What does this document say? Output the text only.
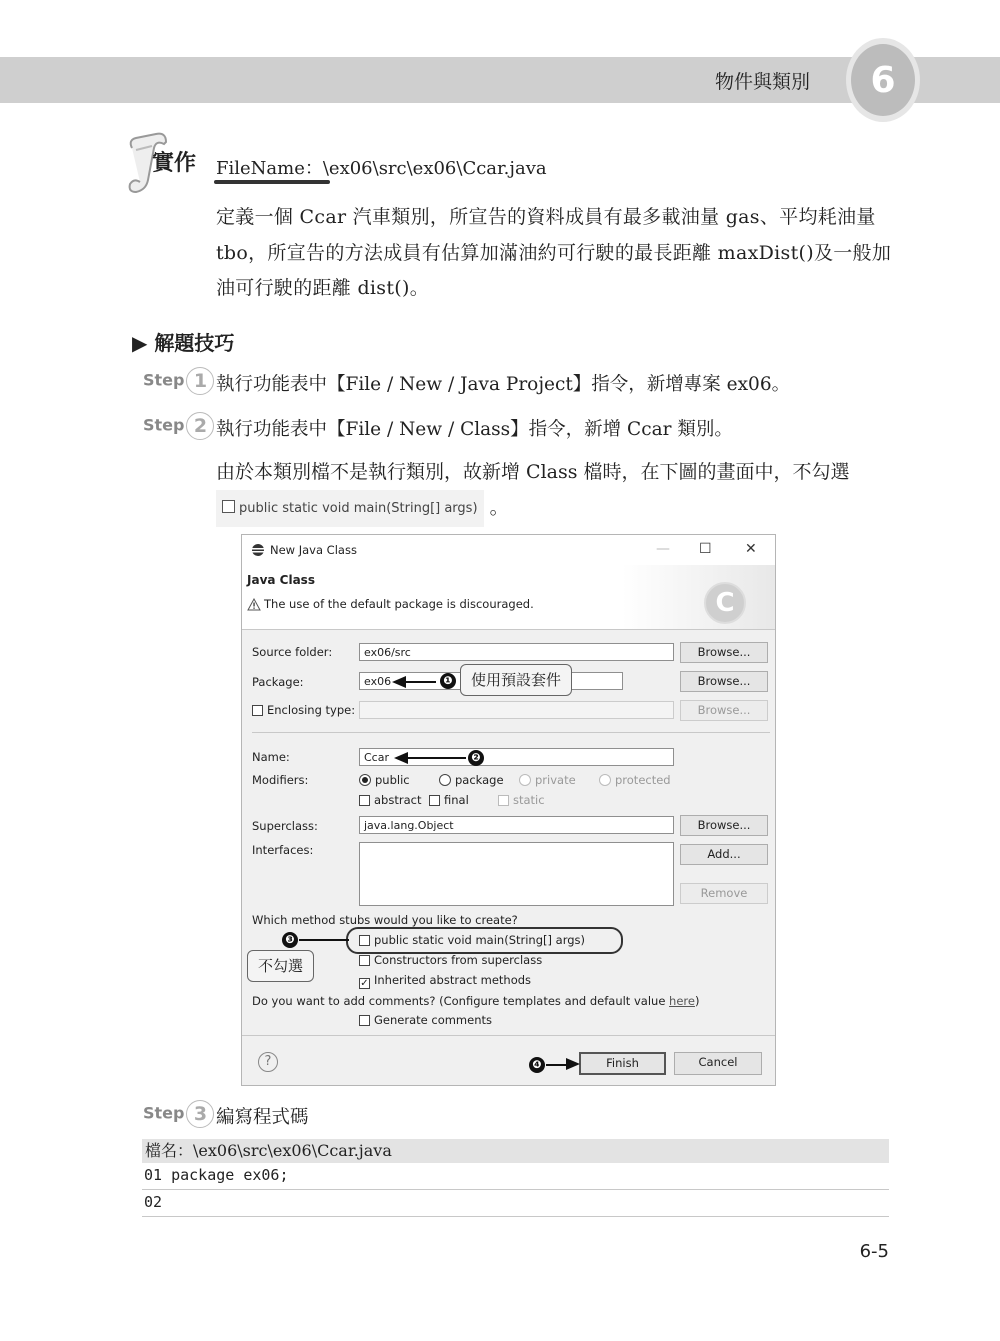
物件與類別	6
實作 FileName：\ex06\src\ex06\Ccar.java
定義一個 Ccar 汽車類別，所宣告的資料成員有最多載油量 gas、平均耗油量 tbo，所宣告的方法成員有估算加滿油約可行駛的最長距離 maxDist()及一般加油可行駛的距離 dist()。
▶ 解題技巧
Step 1 執行功能表中【File / New / Java Project】指令，新增專案 ex06。
Step 2 執行功能表中【File / New / Class】指令，新增 Ccar 類別。
由於本類別檔不是執行類別，故新增 Class 檔時，在下圖的畫面中，不勾選 public static void main(String[] args) 。
New Java Class	— ☐ ✕
C
Java Class
The use of the default package is discouraged.
Source folder:	ex06/src	Browse...
Package:	ex06	Browse...
Enclosing type:	Browse...
Name:	Ccar
Modifiers:	public	package	private	protected
abstract	final	static
Superclass:	java.lang.Object	Browse...
Interfaces:	Add...
Remove
Which method stubs would you like to create?
public static void main(String[] args)
Constructors from superclass
✓ Inherited abstract methods
Do you want to add comments? (Configure templates and default value here)
Generate comments
?	Finish	Cancel
❶	使用預設套件
❷
❸
不勾選
❹
Step 3 編寫程式碼
檔名：\ex06\src\ex06\Ccar.java
01 package ex06;
02
6-5
